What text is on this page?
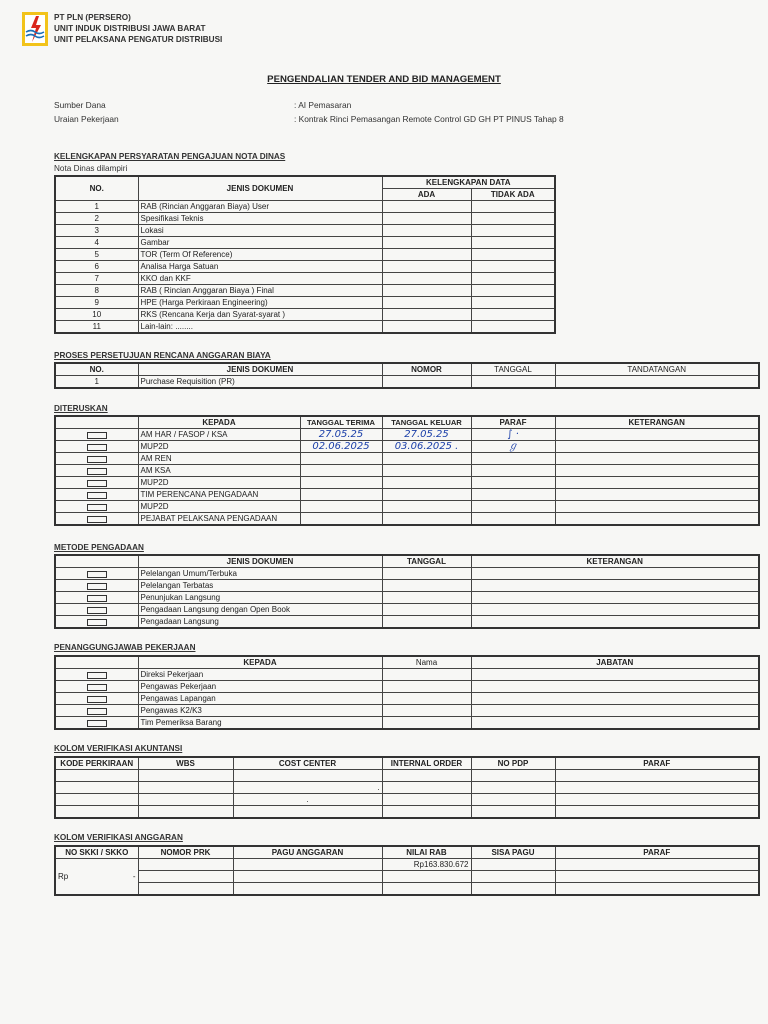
PT PLN (PERSERO)
UNIT INDUK DISTRIBUSI JAWA BARAT
UNIT PELAKSANA PENGATUR DISTRIBUSI
PENGENDALIAN TENDER AND BID MANAGEMENT
Sumber Dana	: AI Pemasaran
Uraian Pekerjaan	: Kontrak Rinci Pemasangan Remote Control GD GH PT PINUS Tahap 8
KELENGKAPAN PERSYARATAN PENGAJUAN NOTA DINAS
Nota Dinas dilampiri
NO.	JENIS DOKUMEN	KELENGKAPAN DATA	
		ADA	TIDAK ADA
1	RAB (Rincian Anggaran Biaya) User		
2	Spesifikasi Teknis		
3	Lokasi		
4	Gambar		
5	TOR (Term Of Reference)		
6	Analisa Harga Satuan		
7	KKO dan KKF		
8	RAB ( Rincian Anggaran Biaya ) Final		
9	HPE (Harga Perkiraan Engineering)		
10	RKS (Rencana Kerja dan Syarat-syarat )		
11	Lain-lain: ........		
PROSES PERSETUJUAN RENCANA ANGGARAN BIAYA
NO.	JENIS DOKUMEN	NOMOR	TANGGAL	TANDATANGAN
1	Purchase Requisition (PR)			
DITERUSKAN
	KEPADA	TANGGAL TERIMA	TANGGAL KELUAR	PARAF	KETERANGAN

	AM HAR / FASOP / KSA	27.05.25	27.05.25	∫ ·	

	MUP2D	02.06.2025	03.06.2025 .	ℊ	

	AM REN				

	AM KSA				

	MUP2D				

	TIM PERENCANA PENGADAAN				

	MUP2D				

	PEJABAT PELAKSANA PENGADAAN				
METODE PENGADAAN
	JENIS DOKUMEN	TANGGAL	KETERANGAN

	Pelelangan Umum/Terbuka		

	Pelelangan Terbatas		

	Penunjukan Langsung		

	Pengadaan Langsung dengan Open Book		

	Pengadaan Langsung		
PENANGGUNGJAWAB PEKERJAAN
	KEPADA	Nama	JABATAN

	Direksi Pekerjaan		

	Pengawas Pekerjaan		

	Pengawas Lapangan		

	Pengawas K2/K3		

	Tim Pemeriksa Barang		
KOLOM VERIFIKASI AKUNTANSI
KODE PERKIRAAN	WBS	COST CENTER	INTERNAL ORDER	NO PDP	PARAF

		.			
		.			

KOLOM VERIFIKASI ANGGARAN
NO SKKI / SKKO	NOMOR PRK	PAGU ANGGARAN	NILAI RAB	SISA PAGU	PARAF
Rp -			Rp163.830.672		
